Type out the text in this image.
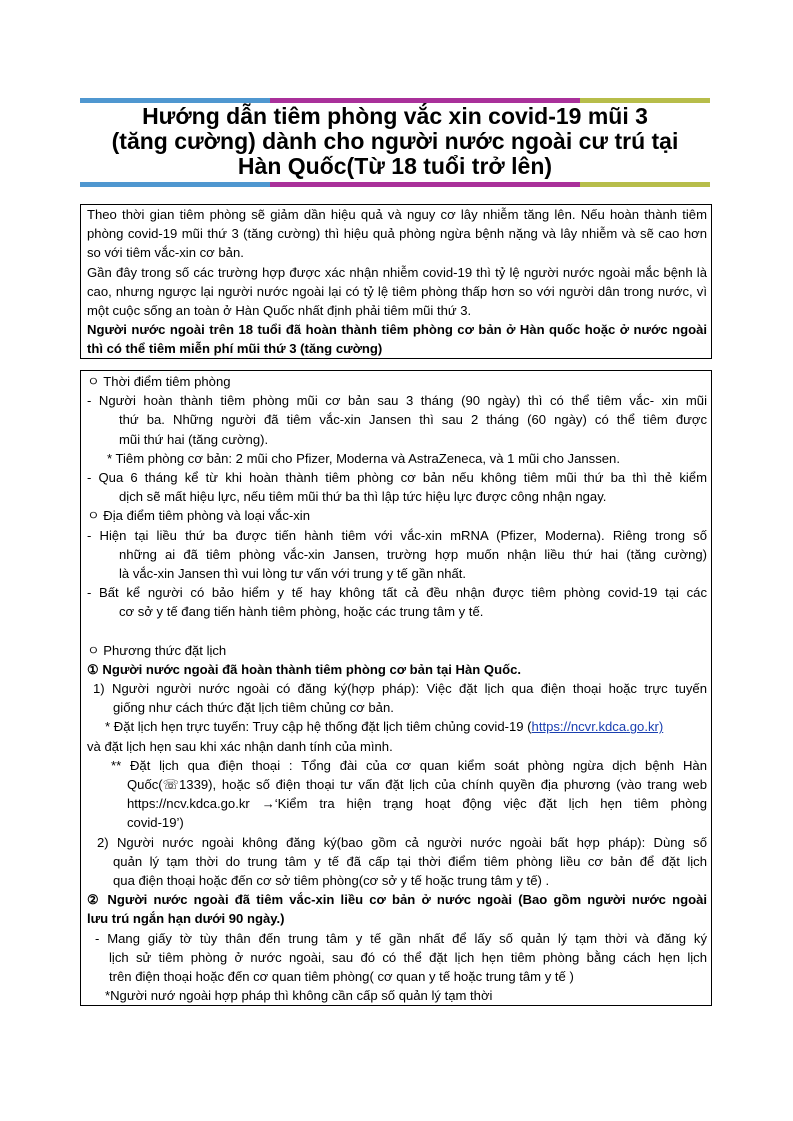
Hướng dẫn tiêm phòng vắc xin covid-19 mũi 3
(tăng cường) dành cho người nước ngoài cư trú tại
Hàn Quốc(Từ 18 tuổi trở lên)

Theo thời gian tiêm phòng sẽ giảm dần hiệu quả và nguy cơ lây nhiễm tăng lên. Nếu hoàn thành tiêm phòng covid-19 mũi thứ 3 (tăng cường) thì hiệu quả phòng ngừa bệnh nặng và lây nhiễm và sẽ cao hơn so với tiêm vắc-xin cơ bản.

Gần đây trong số các trường hợp được xác nhận nhiễm covid-19 thì tỷ lệ người nước ngoài mắc bệnh là cao, nhưng ngược lại người nước ngoài lại có tỷ lệ tiêm phòng thấp hơn so với người dân trong nước, vì một cuộc sống an toàn ở Hàn Quốc nhất định phải tiêm mũi thứ 3.

Người nước ngoài trên 18 tuổi đã hoàn thành tiêm phòng cơ bản ở Hàn quốc hoặc ở nước ngoài thì có thể tiêm miễn phí mũi thứ 3 (tăng cường)

ㅇ Thời điểm tiêm phòng

- Người hoàn thành tiêm phòng mũi cơ bản sau 3 tháng (90 ngày) thì có thể tiêm vắc- xin mũi

thứ ba. Những người đã tiêm vắc-xin Jansen thì sau 2 tháng (60 ngày) có thể tiêm được

mũi thứ hai (tăng cường).

* Tiêm phòng cơ bản: 2 mũi cho Pfizer, Moderna và AstraZeneca, và 1 mũi cho Janssen.

- Qua 6 tháng kể từ khi hoàn thành tiêm phòng cơ bản nếu không tiêm mũi thứ ba thì thẻ kiểm

dịch sẽ mất hiệu lực, nếu tiêm mũi thứ ba thì lập tức hiệu lực được công nhận ngay.

ㅇ Địa điểm tiêm phòng và loại vắc-xin

- Hiện tại liều thứ ba được tiến hành tiêm với vắc-xin mRNA (Pfizer, Moderna). Riêng trong số

những ai đã tiêm phòng vắc-xin Jansen, trường hợp muốn nhận liều thứ hai (tăng cường)

là vắc-xin Jansen thì vui lòng tư vấn với trung y tế gần nhất.

- Bất kể người có bảo hiểm y tế hay không tất cả đều nhận được tiêm phòng covid-19 tại các

cơ sở y tế đang tiến hành tiêm phòng, hoặc các trung tâm y tế.

ㅇ Phương thức đặt lịch

① Người nước ngoài đã hoàn thành tiêm phòng cơ bản tại Hàn Quốc.

1) Người người nước ngoài có đăng ký(hợp pháp): Việc đặt lịch qua điện thoại hoặc trực tuyến

giống như cách thức đặt lịch tiêm chủng cơ bản.

* Đặt lịch hẹn trực tuyến: Truy cập hệ thống đặt lịch tiêm chủng covid-19 (https://ncvr.kdca.go.kr)

và đặt lịch hẹn sau khi xác nhận danh tính của mình.

** Đặt lịch qua điện thoại : Tổng đài của cơ quan kiểm soát phòng ngừa dịch bệnh Hàn

Quốc(☏1339), hoặc số điện thoại tư vấn đặt lịch của chính quyền địa phương (vào trang web

https://ncv.kdca.go.kr →‘Kiểm tra hiện trạng hoạt động việc đặt lịch hẹn tiêm phòng

covid-19’)

2) Người nước ngoài không đăng ký(bao gồm cả người nước ngoài bất hợp pháp): Dùng số

quản lý tạm thời do trung tâm y tế đã cấp tại thời điểm tiêm phòng liều cơ bản để đặt lịch

qua điện thoại hoặc đến cơ sở tiêm phòng(cơ sở y tế hoặc trung tâm y tế) .

② Người nước ngoài đã tiêm vắc-xin liều cơ bản ở nước ngoài (Bao gồm người nước ngoài

lưu trú ngắn hạn dưới 90 ngày.)

- Mang giấy tờ tùy thân đến trung tâm y tế gần nhất để lấy số quản lý tạm thời và đăng ký

lịch sử tiêm phòng ở nước ngoài, sau đó có thể đặt lịch hẹn tiêm phòng bằng cách hẹn lịch

trên điện thoại hoặc đến cơ quan tiêm phòng( cơ quan y tế hoặc trung tâm y tế )

*Người nướ ngoài hợp pháp thì không cần cấp số quản lý tạm thời
